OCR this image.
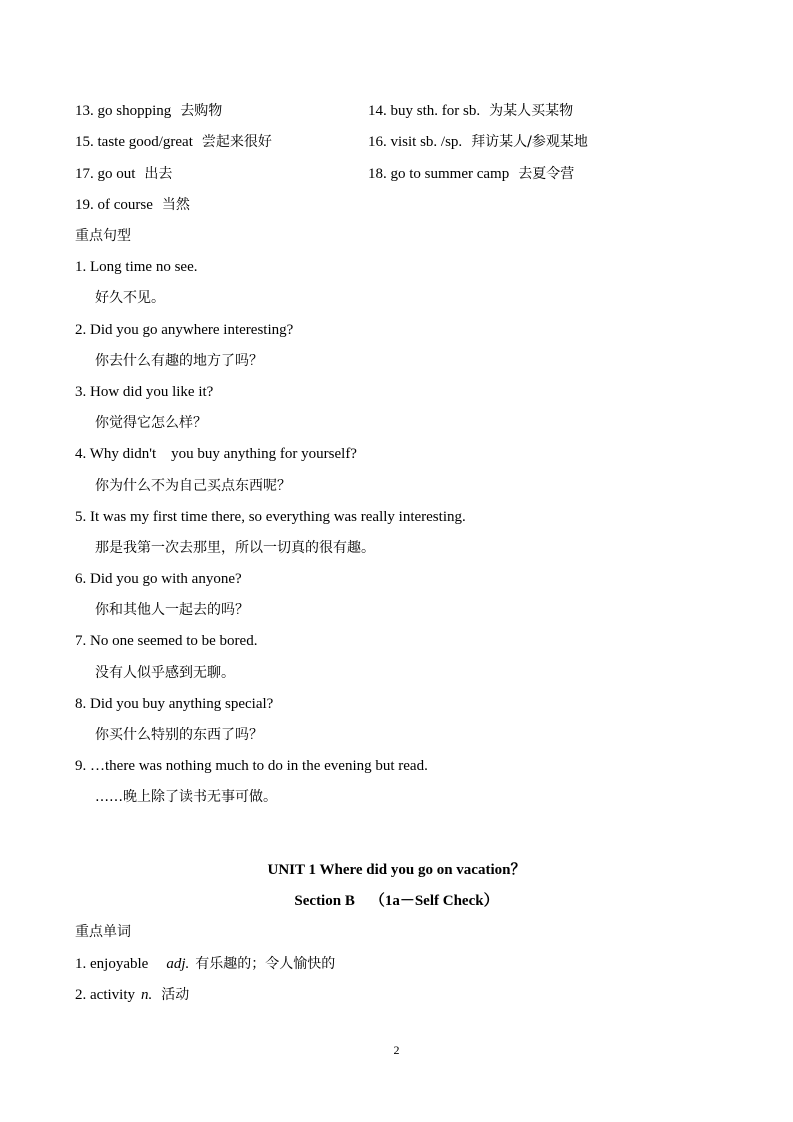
13. go shopping 去购物	14. buy sth. for sb. 为某人买某物
15. taste good/great 尝起来很好	16. visit sb. /sp. 拜访某人/参观某地
17. go out 出去	18. go to summer camp 去夏令营
19. of course 当然
重点句型
1. Long time no see.
好久不见。
2. Did you go anywhere interesting?
你去什么有趣的地方了吗？
3. How did you like it?
你觉得它怎么样？
4. Why didn't    you buy anything for yourself?
你为什么不为自己买点东西呢？
5. It was my first time there, so everything was really interesting.
那是我第一次去那里，所以一切真的很有趣。
6. Did you go with anyone?
你和其他人一起去的吗？
7. No one seemed to be bored.
没有人似乎感到无聊。
8. Did you buy anything special?
你买什么特别的东西了吗？
9. …there was nothing much to do in the evening but read.
……晚上除了读书无事可做。
UNIT 1 Where did you go on vacation？
Section B    （1a－Self Check）
重点单词
1. enjoyable adj. 有乐趣的；令人愉快的
2. activity n. 活动
2
